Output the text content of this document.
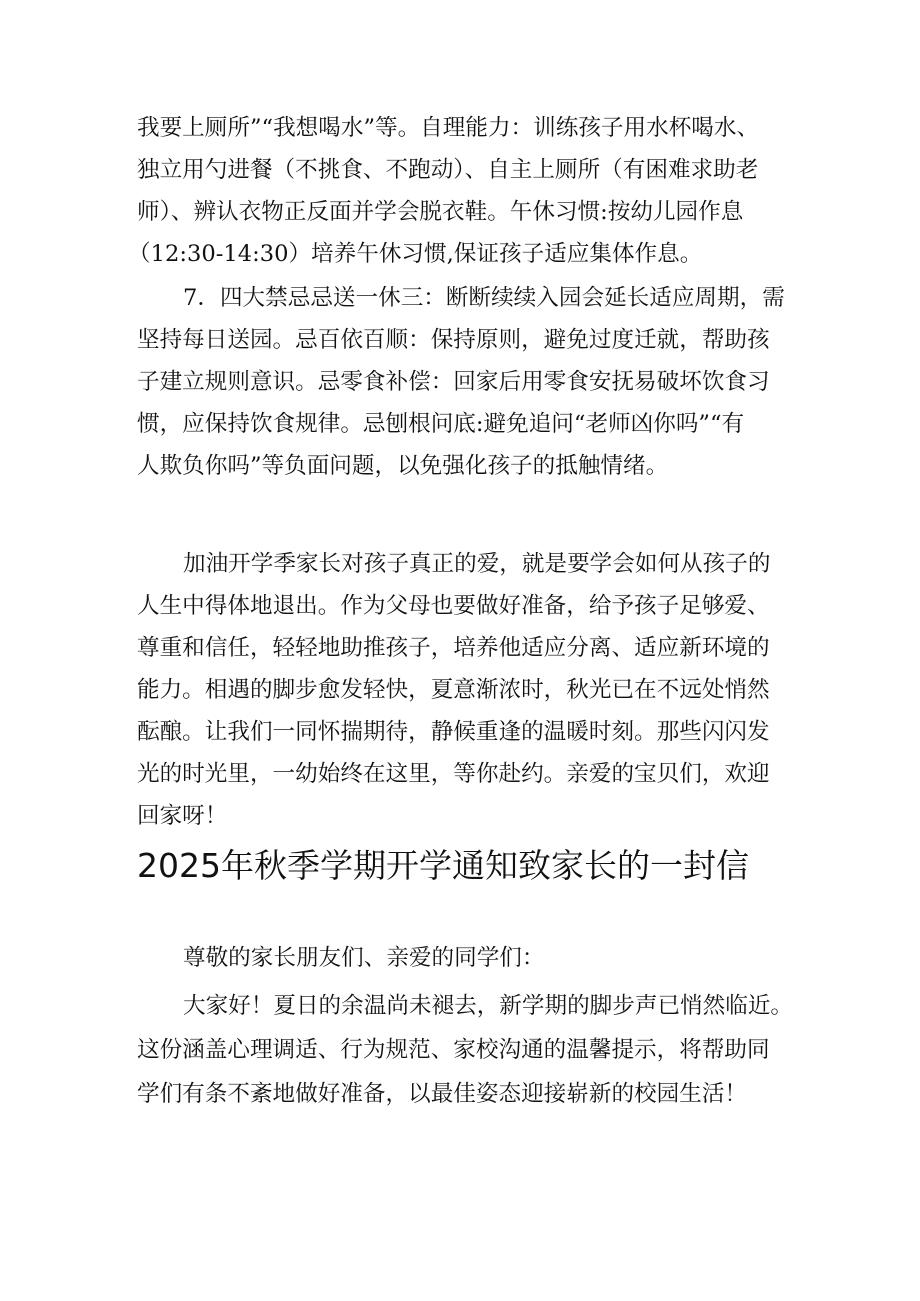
我要上厕所”“我想喝水”等。自理能力：训练孩子用水杯喝水、
独立用勺进餐（不挑食、不跑动）、自主上厕所（有困难求助老
师）、辨认衣物正反面并学会脱衣鞋。午休习惯:按幼儿园作息
（12:30-14:30）培养午休习惯,保证孩子适应集体作息。
7．四大禁忌忌送一休三：断断续续入园会延长适应周期，需
坚持每日送园。忌百依百顺：保持原则，避免过度迁就，帮助孩
子建立规则意识。忌零食补偿：回家后用零食安抚易破坏饮食习
惯，应保持饮食规律。忌刨根问底:避免追问“老师凶你吗”“有
人欺负你吗”等负面问题，以免强化孩子的抵触情绪。
加油开学季家长对孩子真正的爱，就是要学会如何从孩子的
人生中得体地退出。作为父母也要做好准备，给予孩子足够爱、
尊重和信任，轻轻地助推孩子，培养他适应分离、适应新环境的
能力。相遇的脚步愈发轻快，夏意渐浓时，秋光已在不远处悄然
酝酿。让我们一同怀揣期待，静候重逢的温暖时刻。那些闪闪发
光的时光里，一幼始终在这里，等你赴约。亲爱的宝贝们，欢迎
回家呀！
2025年秋季学期开学通知致家长的一封信
尊敬的家长朋友们、亲爱的同学们：
大家好！夏日的余温尚未褪去，新学期的脚步声已悄然临近。
这份涵盖心理调适、行为规范、家校沟通的温馨提示，将帮助同
学们有条不紊地做好准备，以最佳姿态迎接崭新的校园生活！
